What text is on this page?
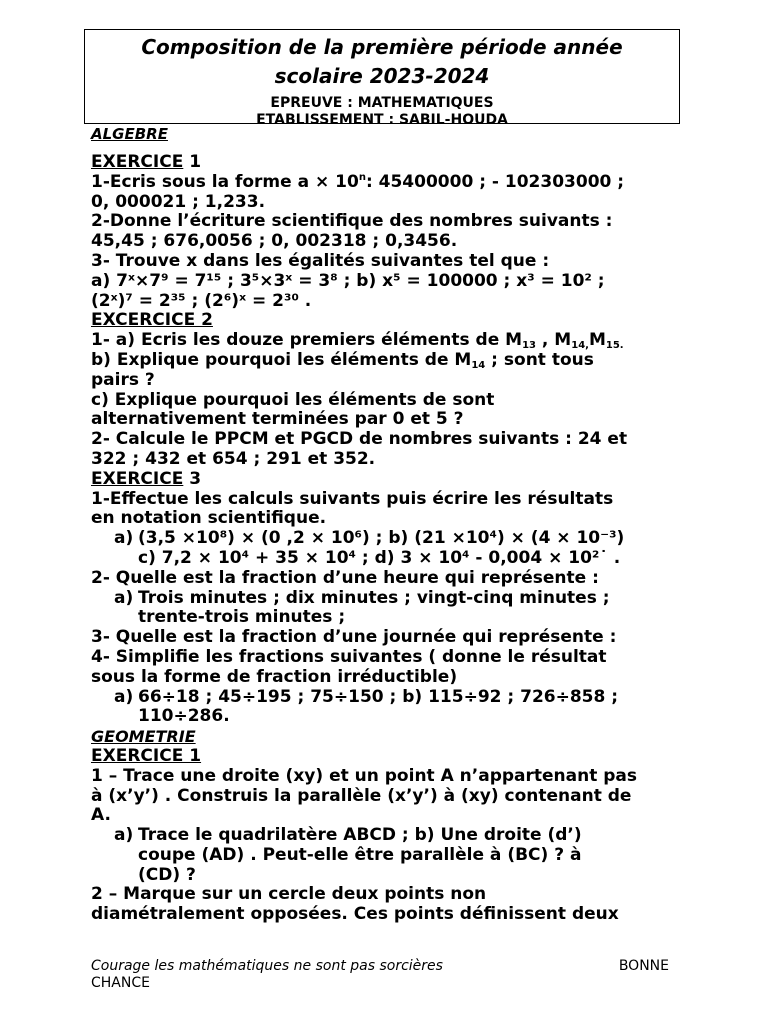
Composition de la première période année
scolaire 2023-2024
EPREUVE : MATHEMATIQUES
ETABLISSEMENT : SABIL-HOUDA
ALGEBRE
EXERCICE 1
1-Ecris sous la forme $a \times 10^n$: 45400000 ; - 102303000 ;
0, 000021 ; 1,233.
2-Donne l’écriture scientifique des nombres suivants :
45,45 ; 676,0056 ; 0, 002318 ; 0,3456.
3- Trouve x dans les égalités suivantes tel que :
a) 7ˣ×7⁹ = 7¹⁵ ; 3⁵×3ˣ = 3⁸ ; b) x⁵ = 100000 ; x³ = 10² ;
(2ˣ)⁷ = 2³⁵ ; (2⁶)ˣ = 2³⁰ .
EXCERCICE 2
1- a) Ecris les douze premiers éléments de $M_{13}$ , $M_{14,}M_{15.}$
b) Explique pourquoi les éléments de $M_{14}$ ; sont tous
pairs ?
c) Explique pourquoi les éléments de sont
alternativement terminées par 0 et 5 ?
2- Calcule le PPCM et PGCD de nombres suivants : 24 et
322 ; 432 et 654 ; 291 et 352.
EXERCICE 3
1-Effectue les calculs suivants puis écrire les résultats
en notation scientifique.
a) (3,5 ×10⁸) × (0 ,2 × 10⁶) ; b) (21 ×10⁴) × (4 × 10⁻³)
c) 7,2 × 10⁴ + 35 × 10⁴ ; d) 3 × 10⁴ - 0,004 × 10²˙ .
2- Quelle est la fraction d’une heure qui représente :
a) Trois minutes ; dix minutes ; vingt-cinq minutes ;
trente-trois minutes ;
3- Quelle est la fraction d’une journée qui représente :
4- Simplifie les fractions suivantes ( donne le résultat
sous la forme de fraction irréductible)
a) 66÷18 ; 45÷195 ; 75÷150 ; b) 115÷92 ; 726÷858 ;
110÷286.
GEOMETRIE
EXERCICE 1
1 – Trace une droite (xy) et un point A n’appartenant pas
à (x’y’) . Construis la parallèle (x’y’) à (xy) contenant de
A.
a) Trace le quadrilatère ABCD ; b) Une droite (d’)
coupe (AD) . Peut-elle être parallèle à (BC) ? à
(CD) ?
2 – Marque sur un cercle deux points non
diamétralement opposées. Ces points définissent deux
Courage les mathématiques ne sont pas sorcières	BONNE
CHANCE
